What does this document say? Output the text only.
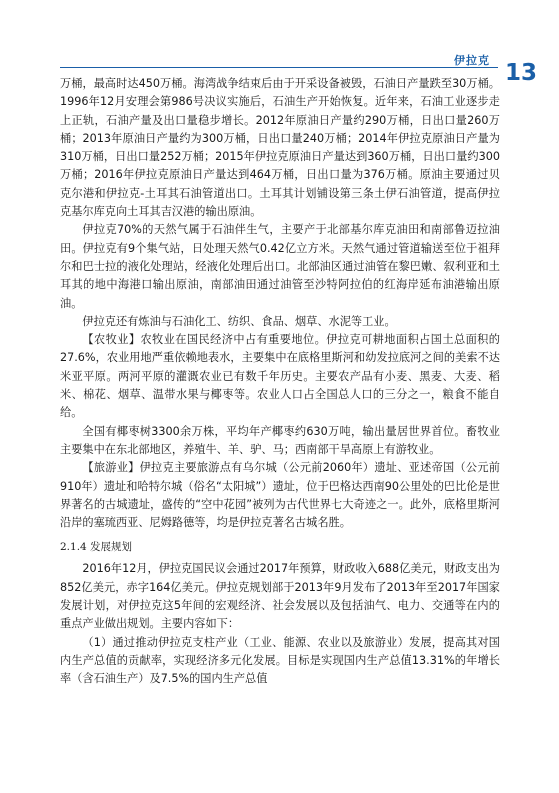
伊拉克 13

万桶，最高时达450万桶。海湾战争结束后由于开采设备被毁，石油日产量跌至30万桶。1996年12月安理会第986号决议实施后，石油生产开始恢复。近年来，石油工业逐步走上正轨，石油产量及出口量稳步增长。2012年原油日产量约290万桶，日出口量260万桶；2013年原油日产量约为300万桶，日出口量240万桶；2014年伊拉克原油日产量为310万桶，日出口量252万桶；2015年伊拉克原油日产量达到360万桶，日出口量约300万桶；2016年伊拉克原油日产量达到464万桶，日出口量为376万桶。原油主要通过贝克尔港和伊拉克-土耳其石油管道出口。土耳其计划铺设第三条土伊石油管道，提高伊拉克基尔库克向土耳其吉汉港的输出原油。

伊拉克70%的天然气属于石油伴生气，主要产于北部基尔库克油田和南部鲁迈拉油田。伊拉克有9个集气站，日处理天然气0.42亿立方米。天然气通过管道输送至位于祖拜尔和巴士拉的液化处理站，经液化处理后出口。北部油区通过油管在黎巴嫩、叙利亚和土耳其的地中海港口输出原油，南部油田通过油管至沙特阿拉伯的红海岸延布油港输出原油。

伊拉克还有炼油与石油化工、纺织、食品、烟草、水泥等工业。

【农牧业】农牧业在国民经济中占有重要地位。伊拉克可耕地面积占国土总面积的27.6%，农业用地严重依赖地表水，主要集中在底格里斯河和幼发拉底河之间的美索不达米亚平原。两河平原的灌溉农业已有数千年历史。主要农产品有小麦、黑麦、大麦、稻米、棉花、烟草、温带水果与椰枣等。农业人口占全国总人口的三分之一，粮食不能自给。

全国有椰枣树3300余万株，平均年产椰枣约630万吨，输出量居世界首位。畜牧业主要集中在东北部地区，养殖牛、羊、驴、马；西南部干旱高原上有游牧业。

【旅游业】伊拉克主要旅游点有乌尔城（公元前2060年）遗址、亚述帝国（公元前910年）遗址和哈特尔城（俗名“太阳城”）遗址，位于巴格达西南90公里处的巴比伦是世界著名的古城遗址，盛传的“空中花园”被列为古代世界七大奇迹之一。此外，底格里斯河沿岸的塞琉西亚、尼姆路德等，均是伊拉克著名古城名胜。

2.1.4 发展规划

2016年12月，伊拉克国民议会通过2017年预算，财政收入688亿美元，财政支出为852亿美元，赤字164亿美元。伊拉克规划部于2013年9月发布了2013年至2017年国家发展计划，对伊拉克这5年间的宏观经济、社会发展以及包括油气、电力、交通等在内的重点产业做出规划。主要内容如下：

（1）通过推动伊拉克支柱产业（工业、能源、农业以及旅游业）发展，提高其对国内生产总值的贡献率，实现经济多元化发展。目标是实现国内生产总值13.31%的年增长率（含石油生产）及7.5%的国内生产总值
